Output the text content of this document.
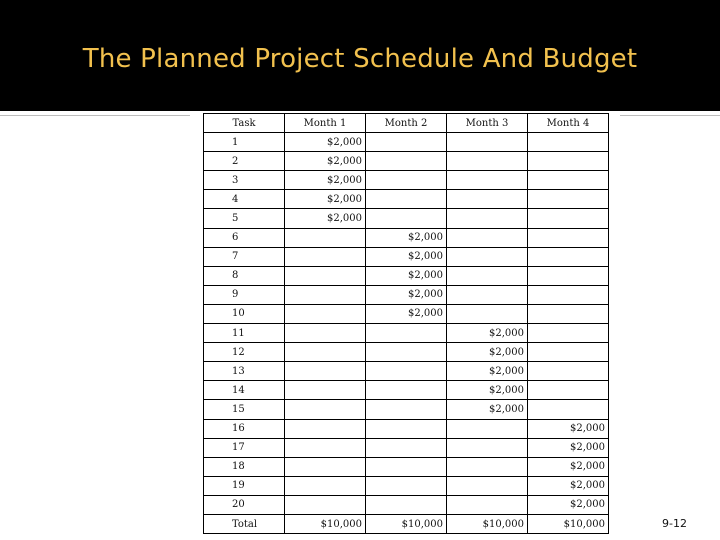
The Planned Project Schedule And Budget
Task	Month 1	Month 2	Month 3	Month 4
1	$2,000			
2	$2,000			
3	$2,000			
4	$2,000			
5	$2,000			
6		$2,000		
7		$2,000		
8		$2,000		
9		$2,000		
10		$2,000		
11			$2,000	
12			$2,000	
13			$2,000	
14			$2,000	
15			$2,000	
16				$2,000
17				$2,000
18				$2,000
19				$2,000
20				$2,000
Total	$10,000	$10,000	$10,000	$10,000	9-12
